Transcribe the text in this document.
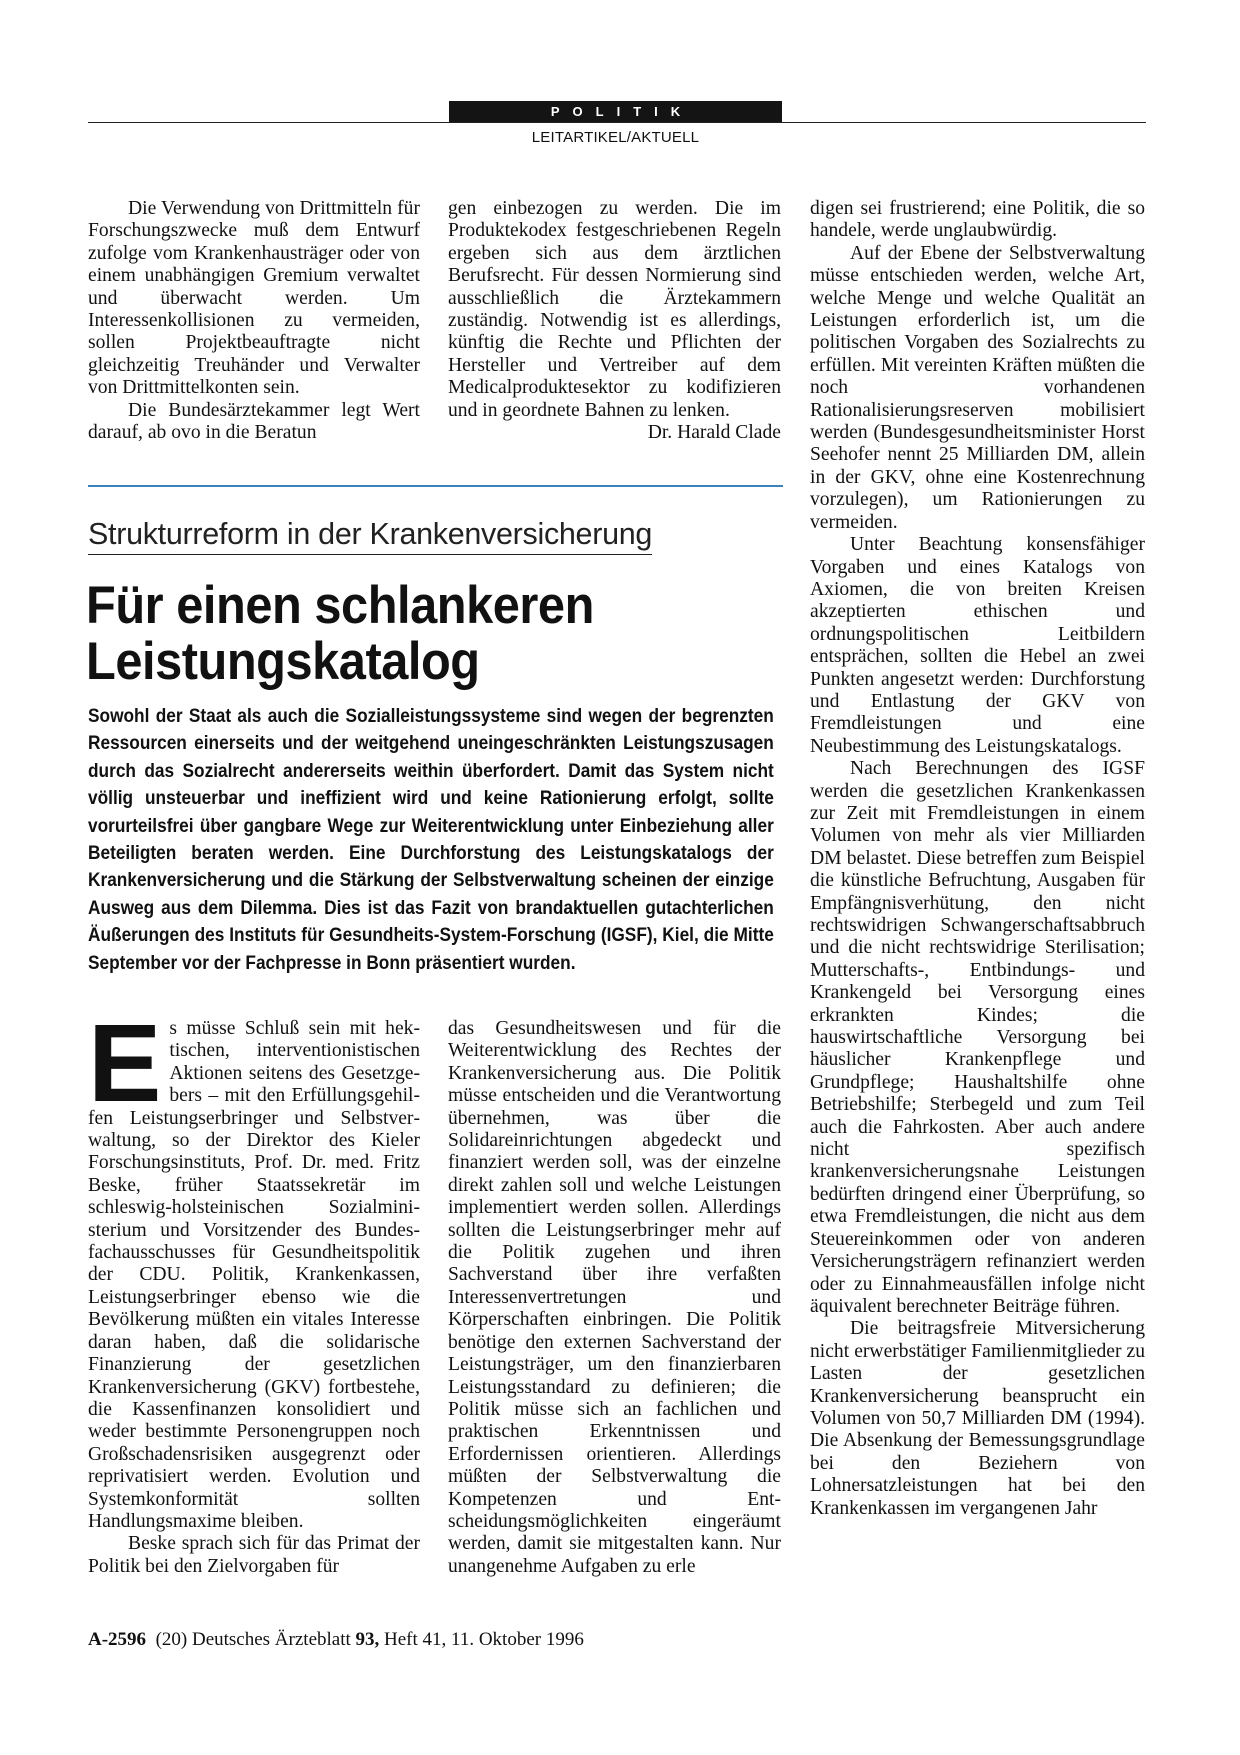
POLITIK
LEITARTIKEL/AKTUELL

Die Verwendung von Drittmitteln für Forschungszwecke muß dem Entwurf zufolge vom Krankenhausträger oder von einem unabhängigen Gremium verwaltet und überwacht werden. Um Interessenkollisionen zu vermeiden, sollen Projektbeauftragte nicht gleichzeitig Treuhänder und Verwalter von Drittmittelkonten sein.

Die Bundesärztekammer legt Wert darauf, ab ovo in die Beratun

gen einbezogen zu werden. Die im Produktekodex festgeschriebenen Regeln ergeben sich aus dem ärztlichen Berufsrecht. Für dessen Normierung sind ausschließlich die Ärztekammern zuständig. Notwendig ist es allerdings, künftig die Rechte und Pflichten der Hersteller und Vertreiber auf dem Medicalproduktesektor zu kodifizieren und in geordnete Bahnen zu lenken.
Dr. Harald Clade

Strukturreform in der Krankenversicherung
Für einen schlankeren Leistungskatalog

Sowohl der Staat als auch die Sozialleistungssysteme sind wegen der begrenzten Ressourcen einerseits und der weitgehend uneingeschränkten Leistungszusagen durch das Sozialrecht andererseits weithin überfordert. Damit das System nicht völlig unsteuerbar und ineffizient wird und keine Rationierung erfolgt, sollte vorurteilsfrei über gangbare Wege zur Weiterentwicklung unter Einbeziehung aller Beteiligten beraten werden. Eine Durchforstung des Leistungskatalogs der Krankenversicherung und die Stärkung der Selbstverwaltung scheinen der einzige Ausweg aus dem Dilemma. Dies ist das Fazit von brandaktuellen gutachterlichen Äußerungen des Instituts für Gesundheits-System-Forschung (IGSF), Kiel, die Mitte September vor der Fachpresse in Bonn präsentiert wurden.

Es müsse Schluß sein mit hektischen, interventionistischen Aktionen seitens des Gesetzgebers – mit den Erfüllungsgehilfen Leistungserbringer und Selbstverwaltung, so der Direktor des Kieler Forschungsinstituts, Prof. Dr. med. Fritz Beske, früher Staatssekretär im schleswig-holsteinischen Sozialministerium und Vorsitzender des Bundesfachausschusses für Gesundheitspolitik der CDU. Politik, Krankenkassen, Leistungserbringer ebenso wie die Bevölkerung müßten ein vitales Interesse daran haben, daß die solidarische Finanzierung der gesetzlichen Krankenversicherung (GKV) fortbestehe, die Kassenfinanzen konsolidiert und weder bestimmte Personengruppen noch Großschadensrisiken ausgegrenzt oder reprivatisiert werden. Evolution und Systemkonformität sollten Handlungsmaxime bleiben.

Beske sprach sich für das Primat der Politik bei den Zielvorgaben für

das Gesundheitswesen und für die Weiterentwicklung des Rechtes der Krankenversicherung aus. Die Politik müsse entscheiden und die Verantwortung übernehmen, was über die Solidareinrichtungen abgedeckt und finanziert werden soll, was der einzelne direkt zahlen soll und welche Leistungen implementiert werden sollen. Allerdings sollten die Leistungserbringer mehr auf die Politik zugehen und ihren Sachverstand über ihre verfaßten Interessenvertretungen und Körperschaften einbringen. Die Politik benötige den externen Sachverstand der Leistungsträger, um den finanzierbaren Leistungsstandard zu definieren; die Politik müsse sich an fachlichen und praktischen Erkenntnissen und Erfordernissen orientieren. Allerdings müßten der Selbstverwaltung die Kompetenzen und Entscheidungsmöglichkeiten eingeräumt werden, damit sie mitgestalten kann. Nur unangenehme Aufgaben zu erle

digen sei frustrierend; eine Politik, die so handele, werde unglaubwürdig.

Auf der Ebene der Selbstverwaltung müsse entschieden werden, welche Art, welche Menge und welche Qualität an Leistungen erforderlich ist, um die politischen Vorgaben des Sozialrechts zu erfüllen. Mit vereinten Kräften müßten die noch vorhandenen Rationalisierungsreserven mobilisiert werden (Bundesgesundheitsminister Horst Seehofer nennt 25 Milliarden DM, allein in der GKV, ohne eine Kostenrechnung vorzulegen), um Rationierungen zu vermeiden.

Unter Beachtung konsensfähiger Vorgaben und eines Katalogs von Axiomen, die von breiten Kreisen akzeptierten ethischen und ordnungspolitischen Leitbildern entsprächen, sollten die Hebel an zwei Punkten angesetzt werden: Durchforstung und Entlastung der GKV von Fremdleistungen und eine Neubestimmung des Leistungskatalogs.

Nach Berechnungen des IGSF werden die gesetzlichen Krankenkassen zur Zeit mit Fremdleistungen in einem Volumen von mehr als vier Milliarden DM belastet. Diese betreffen zum Beispiel die künstliche Befruchtung, Ausgaben für Empfängnisverhütung, den nicht rechtswidrigen Schwangerschaftsabbruch und die nicht rechtswidrige Sterilisation; Mutterschafts-, Entbindungs- und Krankengeld bei Versorgung eines erkrankten Kindes; die hauswirtschaftliche Versorgung bei häuslicher Krankenpflege und Grundpflege; Haushaltshilfe ohne Betriebshilfe; Sterbegeld und zum Teil auch die Fahrkosten. Aber auch andere nicht spezifisch krankenversicherungsnahe Leistungen bedürften dringend einer Überprüfung, so etwa Fremdleistungen, die nicht aus dem Steuereinkommen oder von anderen Versicherungsträgern refinanziert werden oder zu Einnahmeausfällen infolge nicht äquivalent berechneter Beiträge führen.

Die beitragsfreie Mitversicherung nicht erwerbstätiger Familienmitglieder zu Lasten der gesetzlichen Krankenversicherung beansprucht ein Volumen von 50,7 Milliarden DM (1994). Die Absenkung der Bemessungsgrundlage bei den Beziehern von Lohnersatzleistungen hat bei den Krankenkassen im vergangenen Jahr

A-2596 (20) Deutsches Ärzteblatt 93, Heft 41, 11. Oktober 1996
